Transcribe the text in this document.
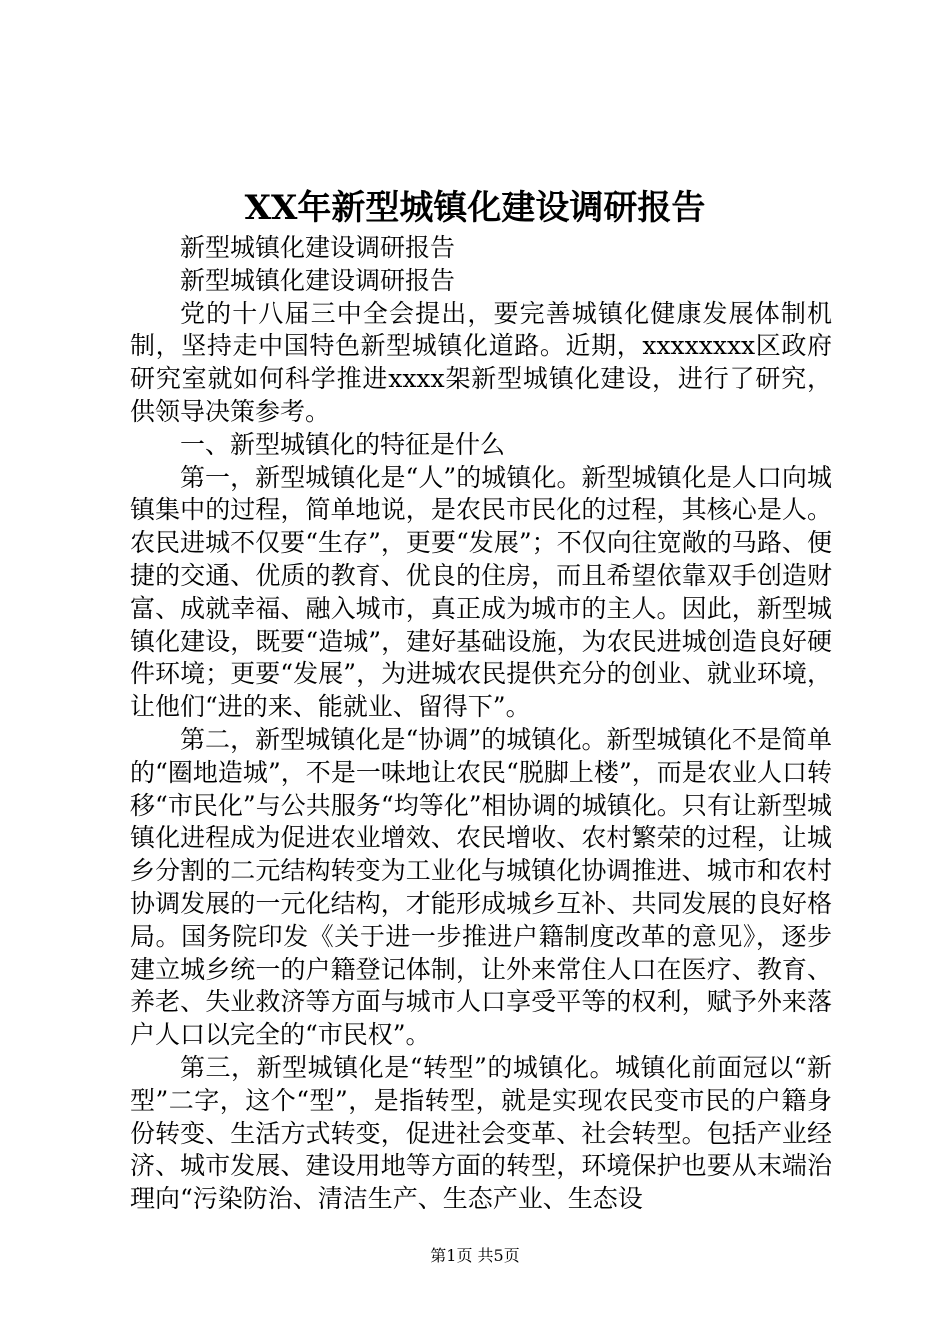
XX年新型城镇化建设调研报告

新型城镇化建设调研报告

新型城镇化建设调研报告

党的十八届三中全会提出，要完善城镇化健康发展体制机制，坚持走中国特色新型城镇化道路。近期，xxxxxxxx区政府研究室就如何科学推进xxxx架新型城镇化建设，进行了研究，供领导决策参考。

一、新型城镇化的特征是什么

第一，新型城镇化是“人”的城镇化。新型城镇化是人口向城镇集中的过程，简单地说，是农民市民化的过程，其核心是人。农民进城不仅要“生存”，更要“发展”；不仅向往宽敞的马路、便捷的交通、优质的教育、优良的住房，而且希望依靠双手创造财富、成就幸福、融入城市，真正成为城市的主人。因此，新型城镇化建设，既要“造城”，建好基础设施，为农民进城创造良好硬件环境；更要“发展”，为进城农民提供充分的创业、就业环境，让他们“进的来、能就业、留得下”。

第二，新型城镇化是“协调”的城镇化。新型城镇化不是简单的“圈地造城”，不是一味地让农民“脱脚上楼”，而是农业人口转移“市民化”与公共服务“均等化”相协调的城镇化。只有让新型城镇化进程成为促进农业增效、农民增收、农村繁荣的过程，让城乡分割的二元结构转变为工业化与城镇化协调推进、城市和农村协调发展的一元化结构，才能形成城乡互补、共同发展的良好格局。国务院印发《关于进一步推进户籍制度改革的意见》，逐步建立城乡统一的户籍登记体制，让外来常住人口在医疗、教育、养老、失业救济等方面与城市人口享受平等的权利，赋予外来落户人口以完全的“市民权”。

第三，新型城镇化是“转型”的城镇化。城镇化前面冠以“新型”二字，这个“型”，是指转型，就是实现农民变市民的户籍身份转变、生活方式转变，促进社会变革、社会转型。包括产业经济、城市发展、建设用地等方面的转型，环境保护也要从末端治理向“污染防治、清洁生产、生态产业、生态设

第1页 共5页
